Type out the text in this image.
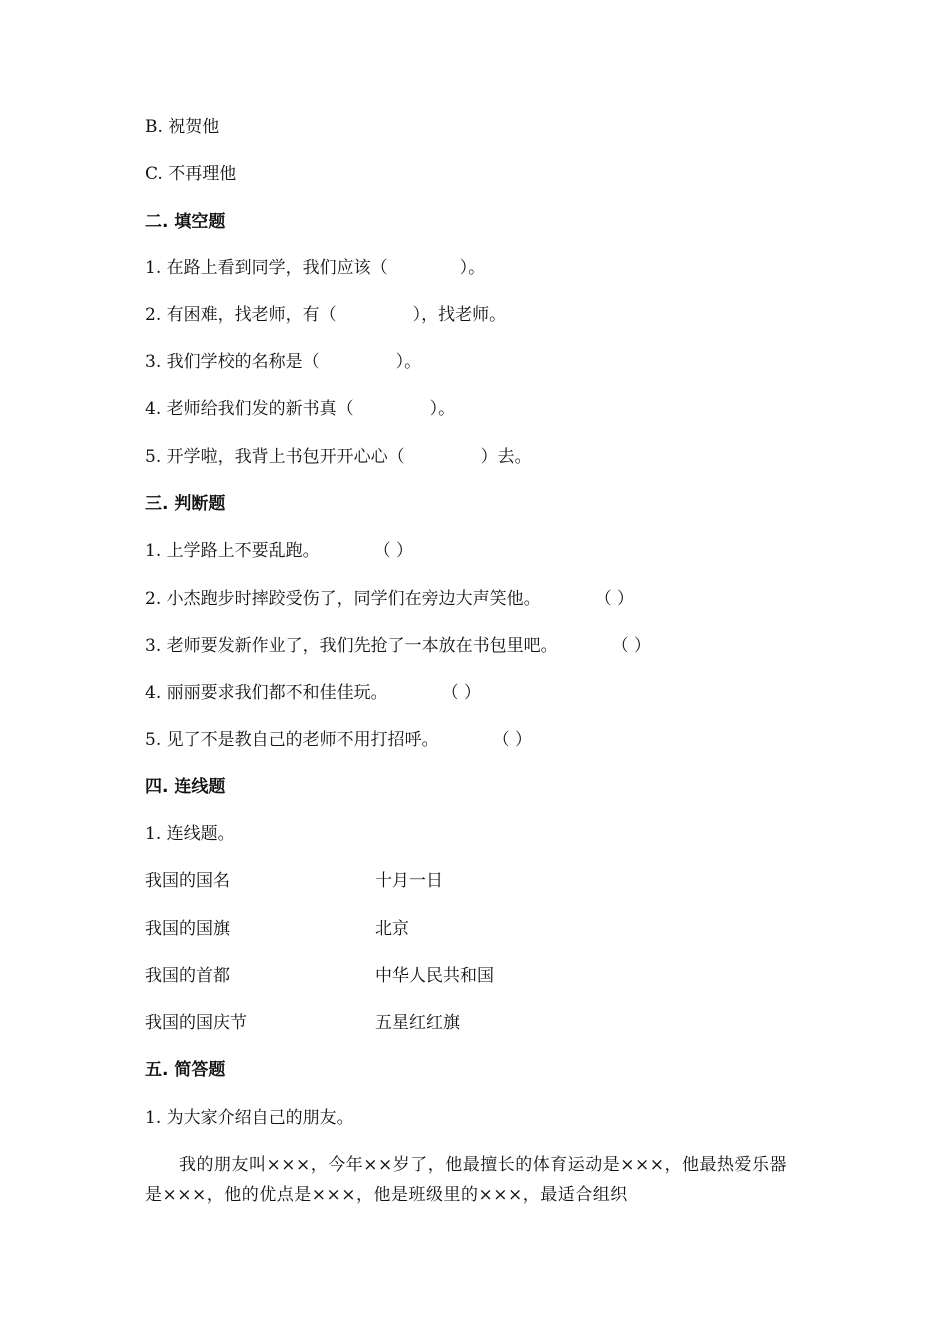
B. 祝贺他
C. 不再理他
二. 填空题
1. 在路上看到同学，我们应该（	）。
2. 有困难，找老师，有（	），找老师。
3. 我们学校的名称是（	）。
4. 老师给我们发的新书真（	）。
5. 开学啦，我背上书包开开心心（	）去。
三. 判断题
1. 上学路上不要乱跑。	（ ）
2. 小杰跑步时摔跤受伤了，同学们在旁边大声笑他。	（ ）
3. 老师要发新作业了，我们先抢了一本放在书包里吧。	（ ）
4. 丽丽要求我们都不和佳佳玩。	（ ）
5. 见了不是教自己的老师不用打招呼。	（ ）
四. 连线题
1. 连线题。
我国的国名	十月一日
我国的国旗	北京
我国的首都	中华人民共和国
我国的国庆节	五星红红旗
五. 简答题
1. 为大家介绍自己的朋友。
我的朋友叫×××，今年××岁了，他最擅长的体育运动是×××，他最热爱乐器是×××，他的优点是×××，他是班级里的×××，最适合组织
